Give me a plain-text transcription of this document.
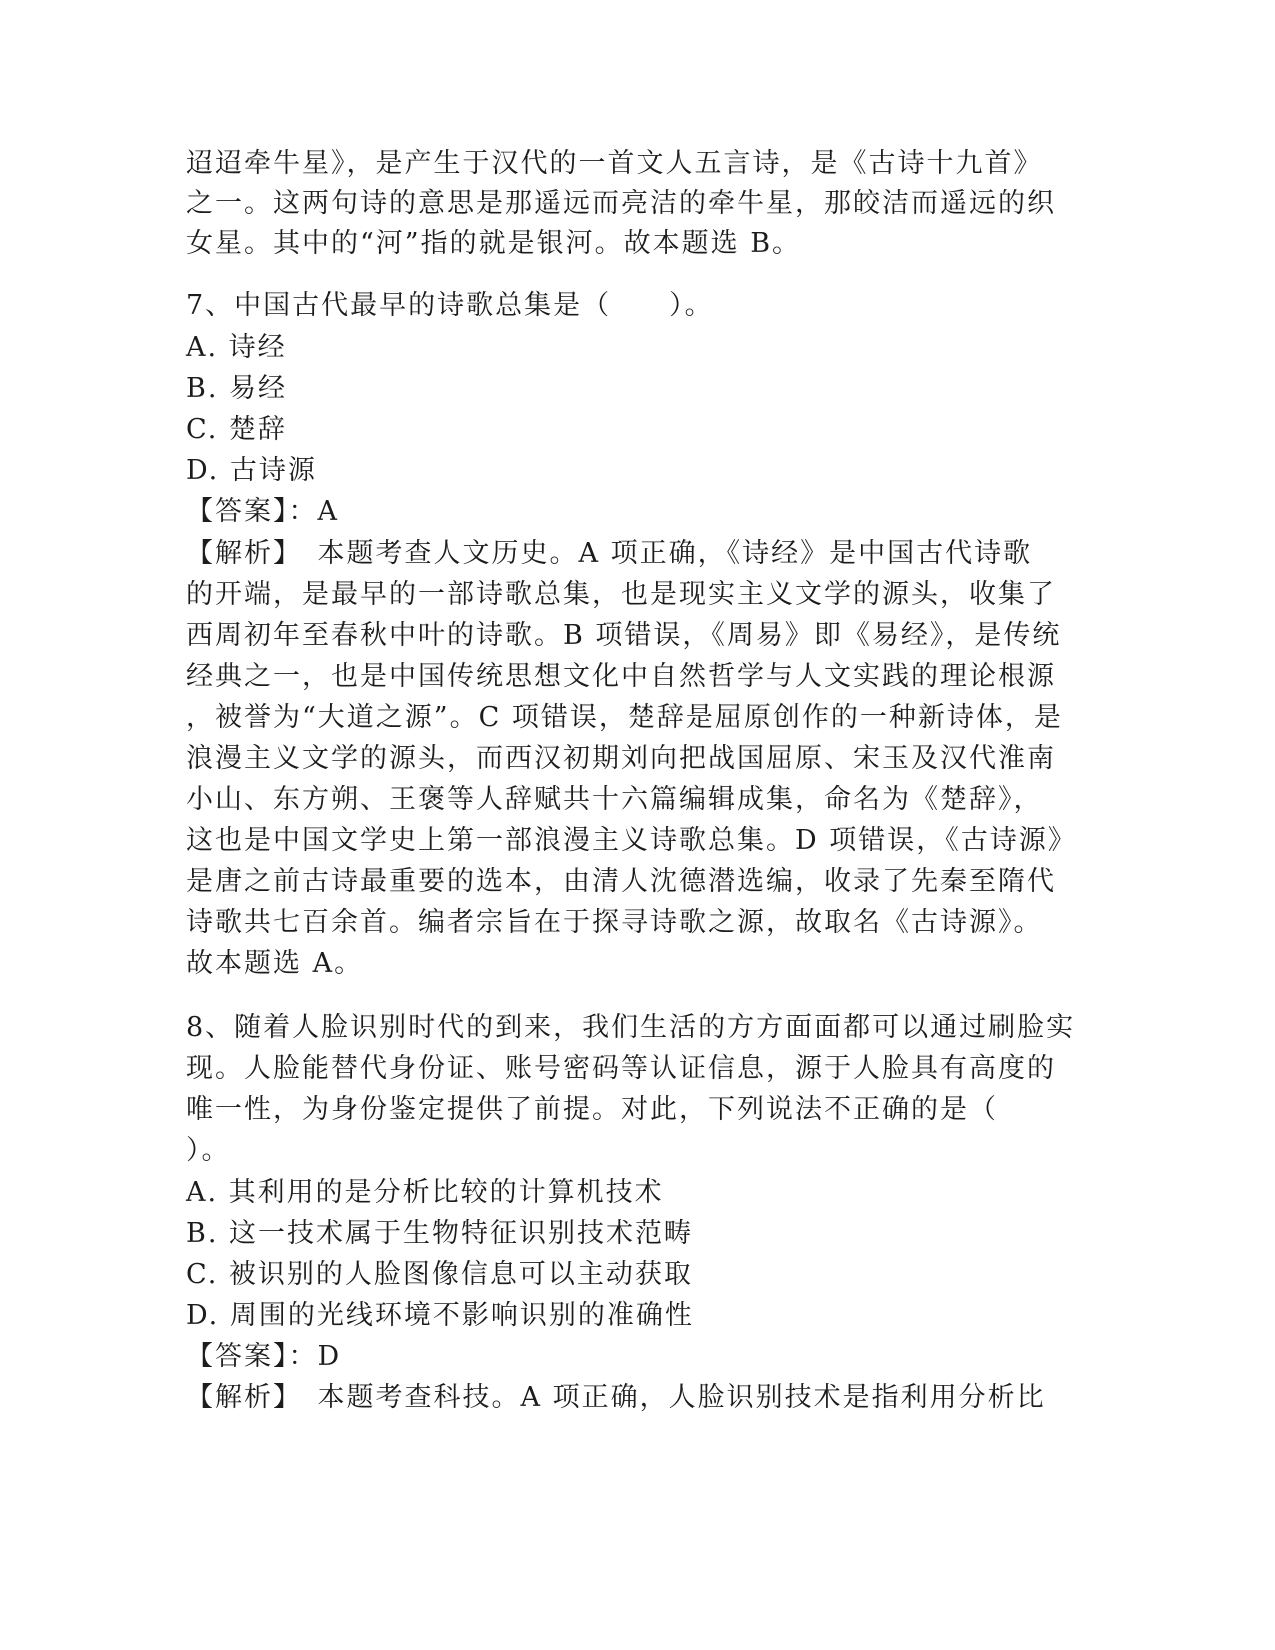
迢迢牵牛星》，是产生于汉代的一首文人五言诗，是《古诗十九首》
之一。这两句诗的意思是那遥远而亮洁的牵牛星，那皎洁而遥远的织
女星。其中的“河”指的就是银河。故本题选 B。
7、中国古代最早的诗歌总集是（　　）。
A. 诗经
B. 易经
C. 楚辞
D. 古诗源
【答案】：A
【解析】　本题考查人文历史。A 项正确，《诗经》是中国古代诗歌
的开端，是最早的一部诗歌总集，也是现实主义文学的源头，收集了
西周初年至春秋中叶的诗歌。B 项错误，《周易》即《易经》，是传统
经典之一，也是中国传统思想文化中自然哲学与人文实践的理论根源
，被誉为“大道之源”。C 项错误，楚辞是屈原创作的一种新诗体，是
浪漫主义文学的源头，而西汉初期刘向把战国屈原、宋玉及汉代淮南
小山、东方朔、王褒等人辞赋共十六篇编辑成集，命名为《楚辞》，
这也是中国文学史上第一部浪漫主义诗歌总集。D 项错误，《古诗源》
是唐之前古诗最重要的选本，由清人沈德潜选编，收录了先秦至隋代
诗歌共七百余首。编者宗旨在于探寻诗歌之源，故取名《古诗源》。
故本题选 A。
8、随着人脸识别时代的到来，我们生活的方方面面都可以通过刷脸实
现。人脸能替代身份证、账号密码等认证信息，源于人脸具有高度的
唯一性，为身份鉴定提供了前提。对此，下列说法不正确的是（
）。
A. 其利用的是分析比较的计算机技术
B. 这一技术属于生物特征识别技术范畴
C. 被识别的人脸图像信息可以主动获取
D. 周围的光线环境不影响识别的准确性
【答案】：D
【解析】　本题考查科技。A 项正确，人脸识别技术是指利用分析比
